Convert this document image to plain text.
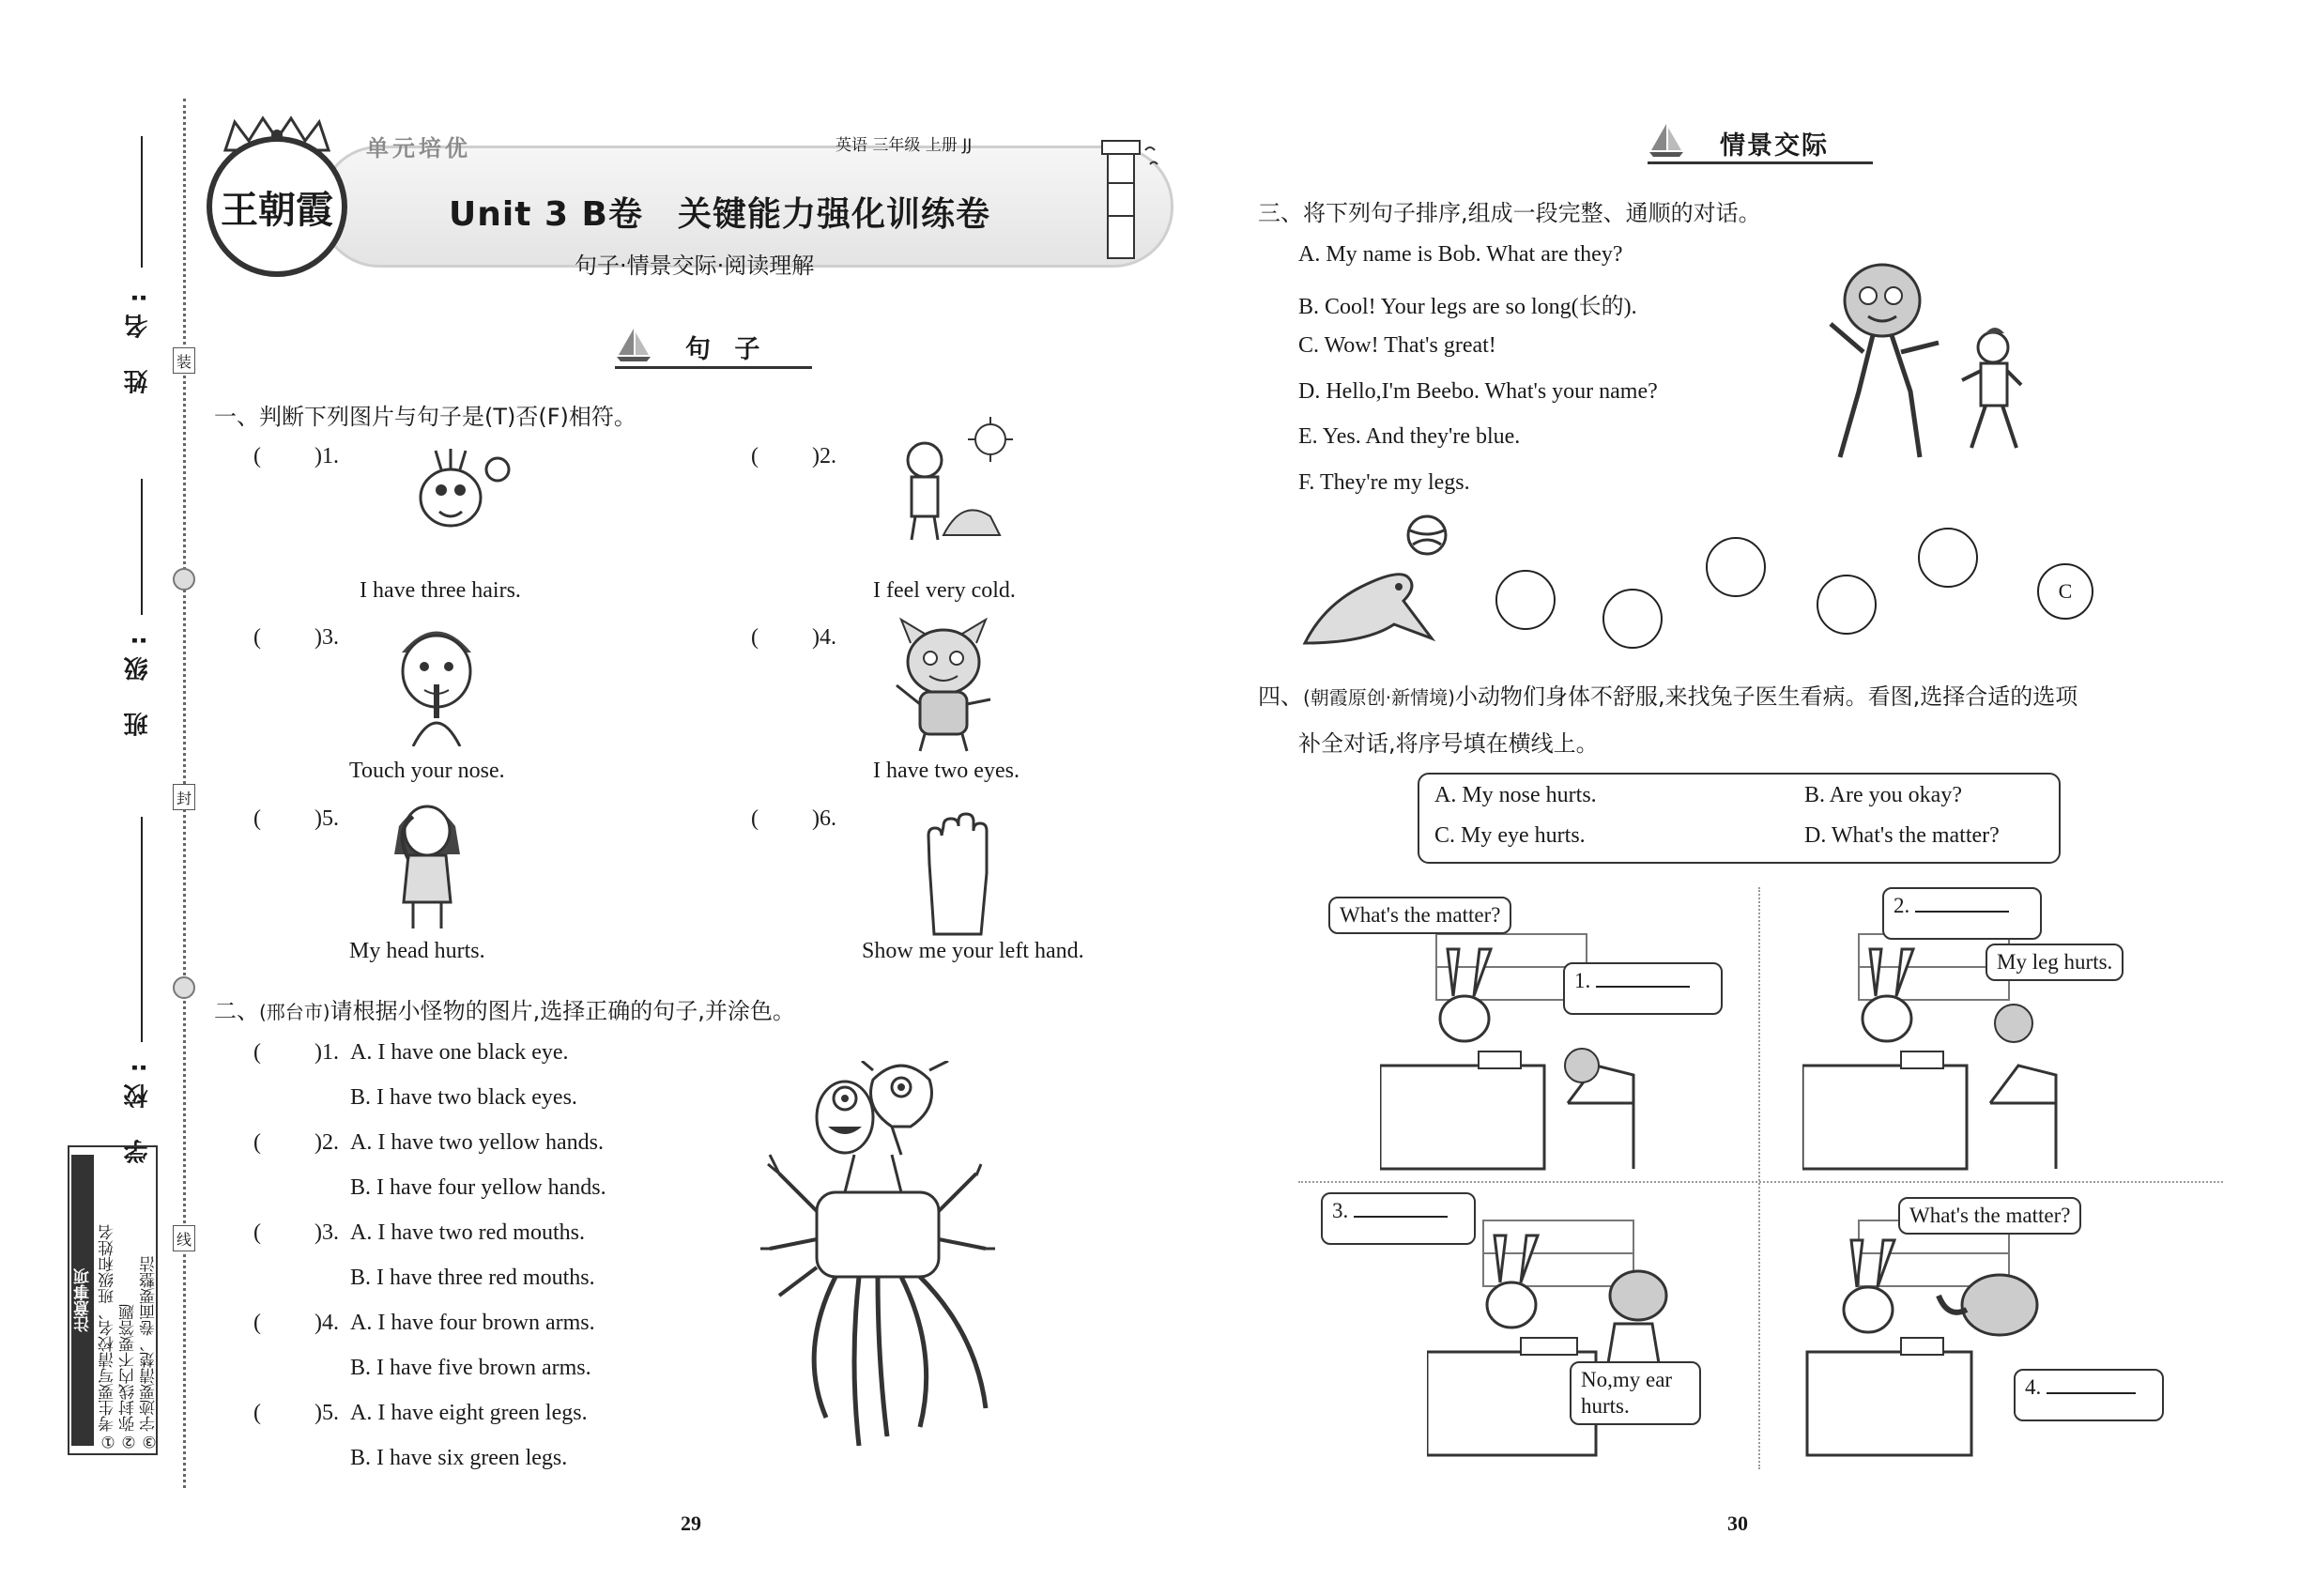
姓 名:
班 级:
学 校:
装
封
线
注意事项 ①考生要写清校名、班级和姓名 ②弥封线内不要答题 ③字迹要清楚、卷面要整洁
王朝霞
单元培优	英语 三年级 上册 JJ
Unit 3 B卷　关键能力强化训练卷
句子·情景交际·阅读理解
句 子
一、判断下列图片与句子是(T)否(F)相符。
( )1.
I have three hairs.
( )2.
I feel very cold.
( )3.
Touch your nose.
( )4.
I have two eyes.
( )5.
My head hurts.
( )6.
Show me your left hand.
二、(邢台市)请根据小怪物的图片,选择正确的句子,并涂色。
( )1. A. I have one black eye.
B. I have two black eyes.
( )2. A. I have two yellow hands.
B. I have four yellow hands.
( )3. A. I have two red mouths.
B. I have three red mouths.
( )4. A. I have four brown arms.
B. I have five brown arms.
( )5. A. I have eight green legs.
B. I have six green legs.
29
情景交际
三、将下列句子排序,组成一段完整、通顺的对话。
A. My name is Bob. What are they?
B. Cool! Your legs are so long(长的).
C. Wow! That's great!
D. Hello,I'm Beebo. What's your name?
E. Yes. And they're blue.
F. They're my legs.
C
四、(朝霞原创·新情境)小动物们身体不舒服,来找兔子医生看病。看图,选择合适的选项
补全对话,将序号填在横线上。
A. My nose hurts.	B. Are you okay?
C. My eye hurts.	D. What's the matter?
What's the matter?
1.
2.
My leg hurts.
3.
No,my ear hurts.
What's the matter?
4.
30
